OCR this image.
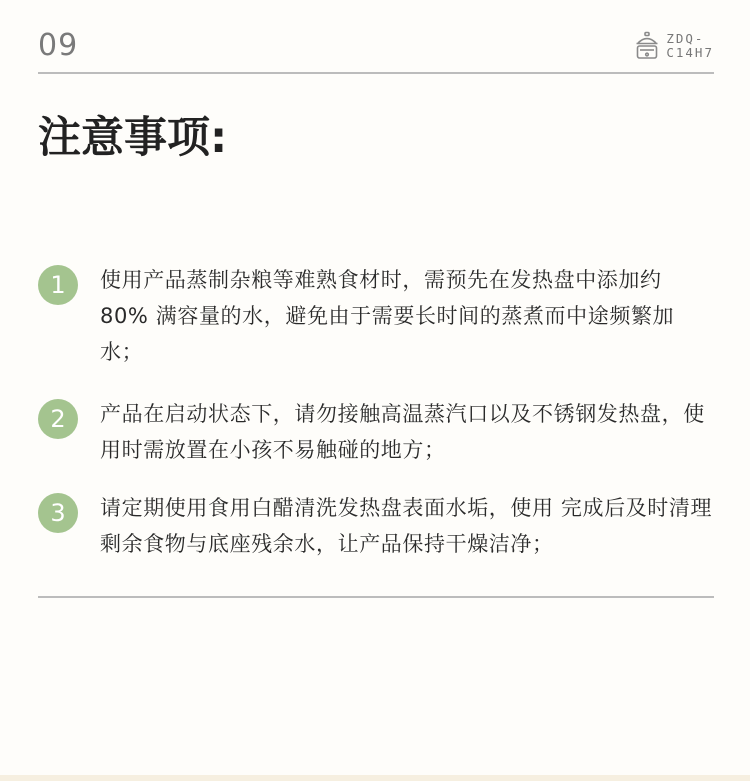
09	ZDQ-
C14H7
注意事项:
1	使用产品蒸制杂粮等难熟食材时，需预先在发热盘中添加约 80% 满容量的水，避免由于需要长时间的蒸煮而中途频繁加水；
2	产品在启动状态下，请勿接触高温蒸汽口以及不锈钢发热盘，使用时需放置在小孩不易触碰的地方；
3	请定期使用食用白醋清洗发热盘表面水垢，使用 完成后及时清理剩余食物与底座残余水，让产品保持干燥洁净；
